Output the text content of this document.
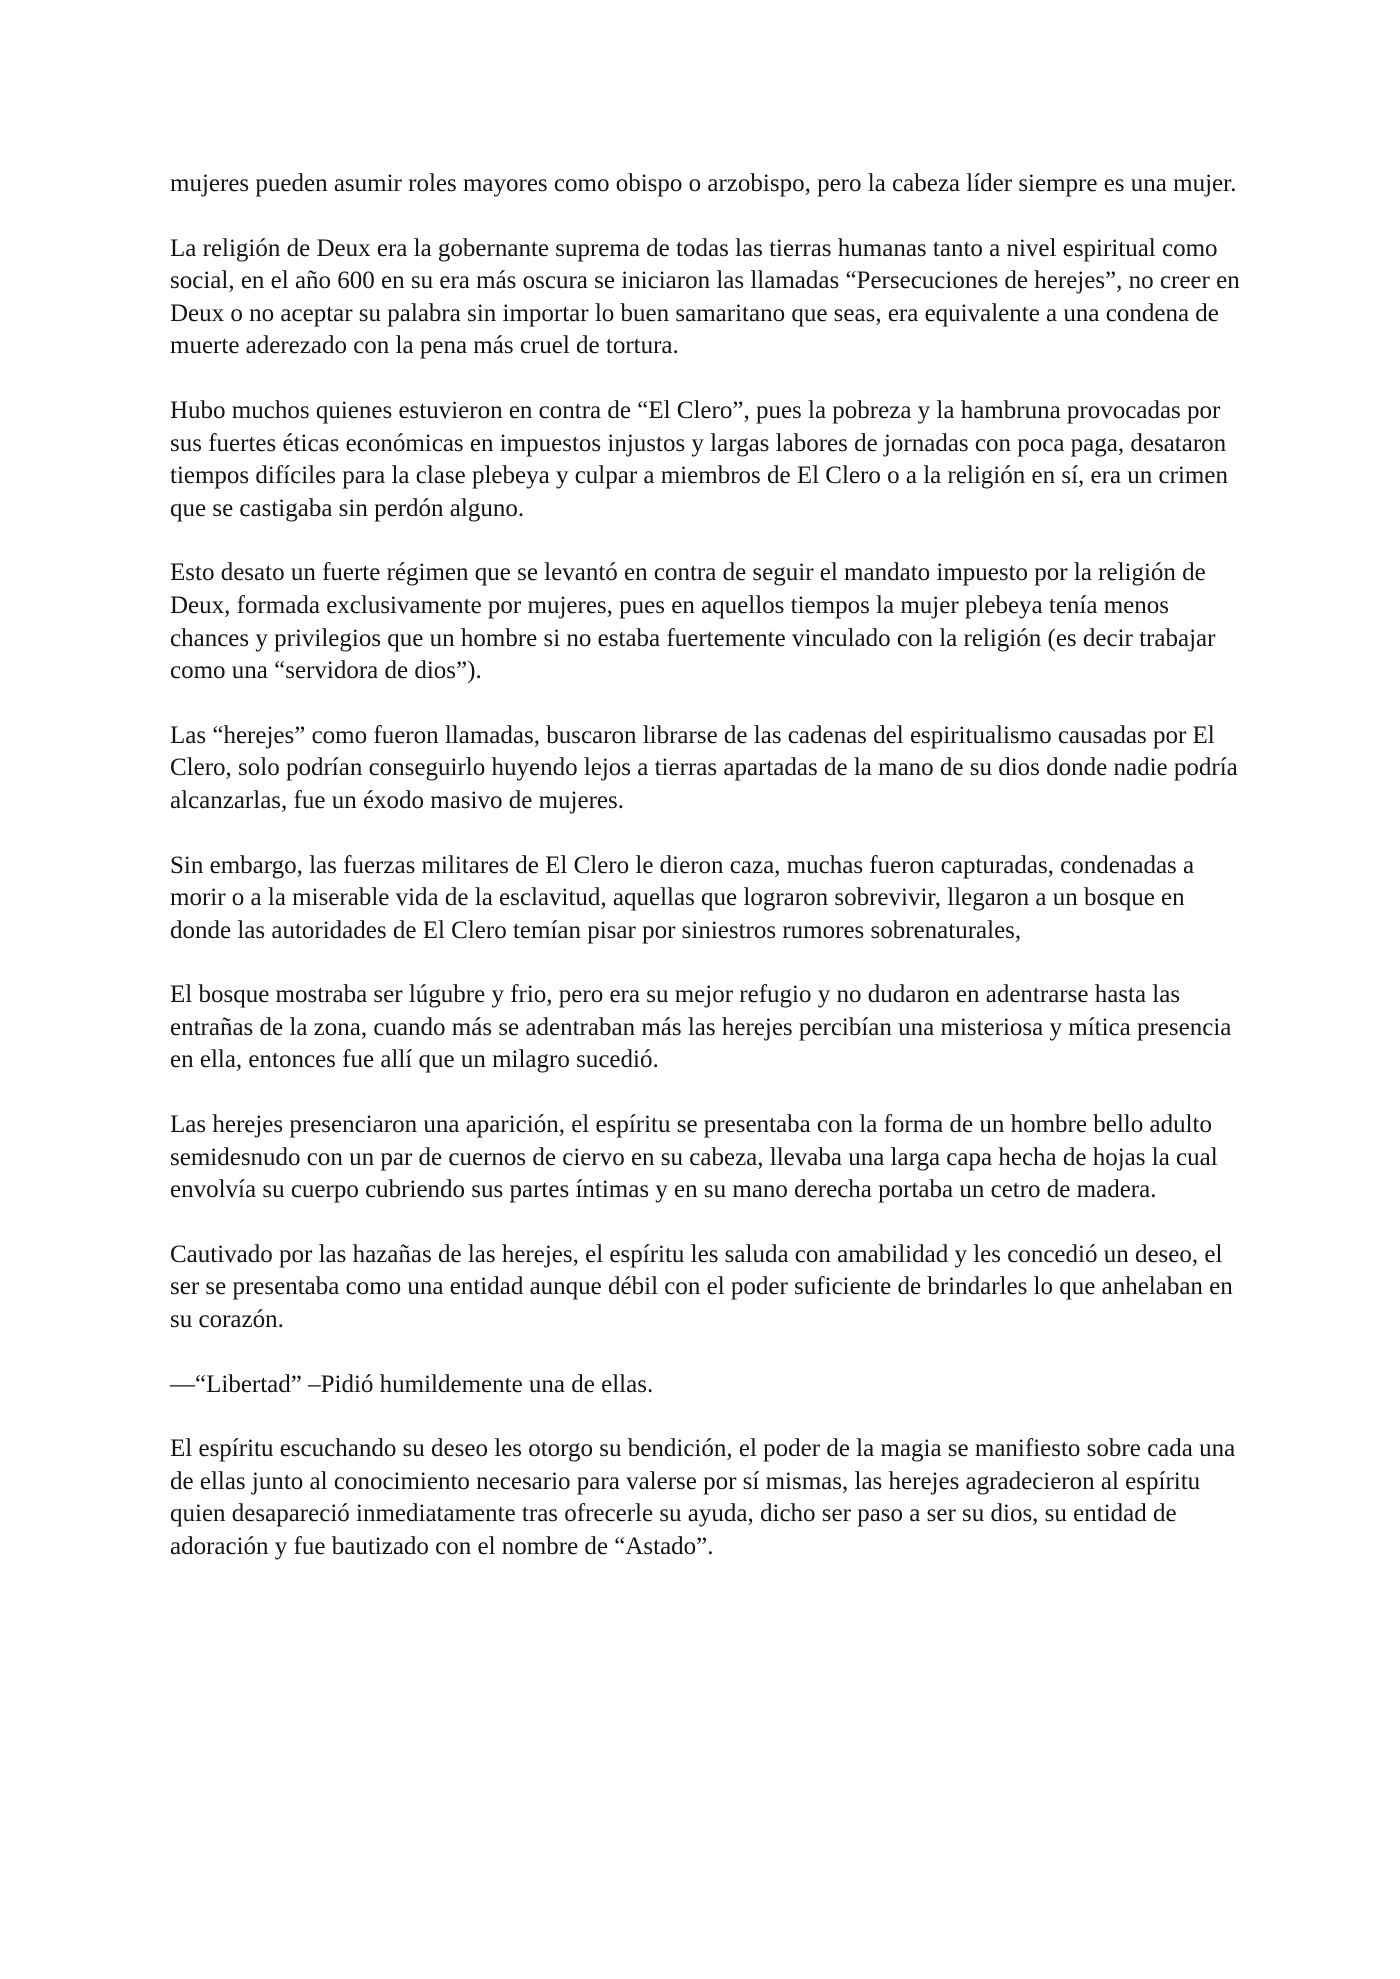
mujeres pueden asumir roles mayores como obispo o arzobispo, pero la cabeza líder siempre es una mujer.

La religión de Deux era la gobernante suprema de todas las tierras humanas tanto a nivel espiritual como social, en el año 600 en su era más oscura se iniciaron las llamadas “Persecuciones de herejes”, no creer en Deux o no aceptar su palabra sin importar lo buen samaritano que seas, era equivalente a una condena de muerte aderezado con la pena más cruel de tortura.

Hubo muchos quienes estuvieron en contra de “El Clero”, pues la pobreza y la hambruna provocadas por sus fuertes éticas económicas en impuestos injustos y largas labores de jornadas con poca paga, desataron tiempos difíciles para la clase plebeya y culpar a miembros de El Clero o a la religión en sí, era un crimen que se castigaba sin perdón alguno.

Esto desato un fuerte régimen que se levantó en contra de seguir el mandato impuesto por la religión de Deux, formada exclusivamente por mujeres, pues en aquellos tiempos la mujer plebeya tenía menos chances y privilegios que un hombre si no estaba fuertemente vinculado con la religión (es decir trabajar como una “servidora de dios”).

Las “herejes” como fueron llamadas, buscaron librarse de las cadenas del espiritualismo causadas por El Clero, solo podrían conseguirlo huyendo lejos a tierras apartadas de la mano de su dios donde nadie podría alcanzarlas, fue un éxodo masivo de mujeres.

Sin embargo, las fuerzas militares de El Clero le dieron caza, muchas fueron capturadas, condenadas a morir o a la miserable vida de la esclavitud, aquellas que lograron sobrevivir, llegaron a un bosque en donde las autoridades de El Clero temían pisar por siniestros rumores sobrenaturales,

El bosque mostraba ser lúgubre y frio, pero era su mejor refugio y no dudaron en adentrarse hasta las entrañas de la zona, cuando más se adentraban más las herejes percibían una misteriosa y mítica presencia en ella, entonces fue allí que un milagro sucedió.

Las herejes presenciaron una aparición, el espíritu se presentaba con la forma de un hombre bello adulto semidesnudo con un par de cuernos de ciervo en su cabeza, llevaba una larga capa hecha de hojas la cual envolvía su cuerpo cubriendo sus partes íntimas y en su mano derecha portaba un cetro de madera.

Cautivado por las hazañas de las herejes, el espíritu les saluda con amabilidad y les concedió un deseo, el ser se presentaba como una entidad aunque débil con el poder suficiente de brindarles lo que anhelaban en su corazón.

—“Libertad” –Pidió humildemente una de ellas.

El espíritu escuchando su deseo les otorgo su bendición, el poder de la magia se manifiesto sobre cada una de ellas junto al conocimiento necesario para valerse por sí mismas, las herejes agradecieron al espíritu quien desapareció inmediatamente tras ofrecerle su ayuda, dicho ser paso a ser su dios, su entidad de adoración y fue bautizado con el nombre de “Astado”.
